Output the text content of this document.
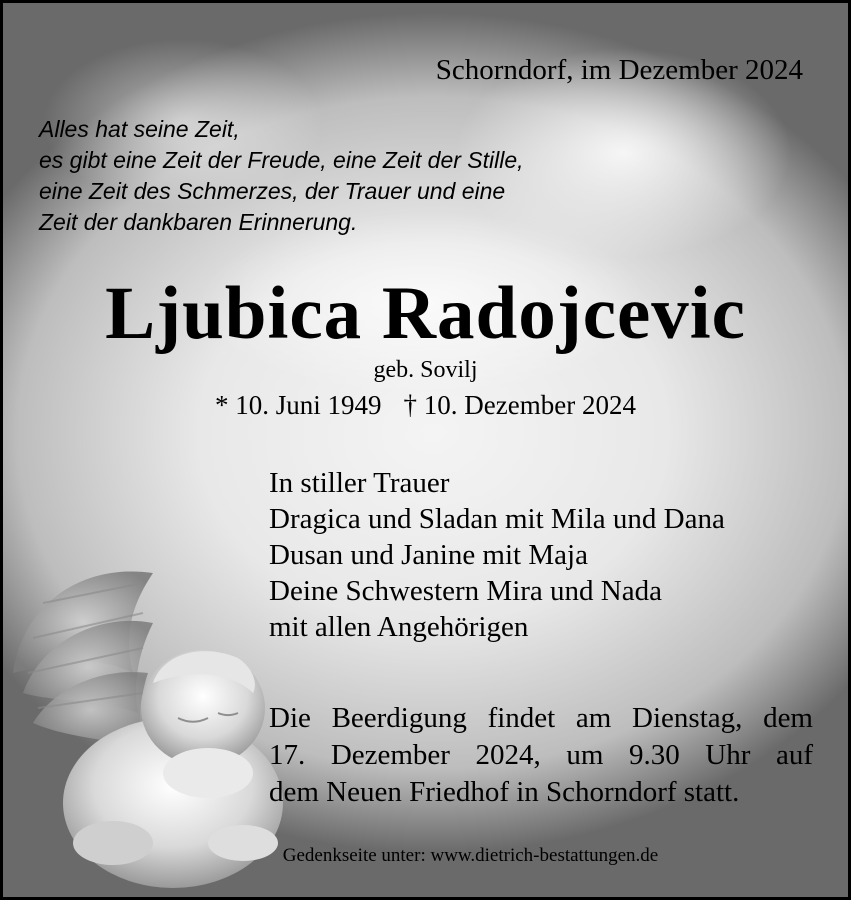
Schorndorf, im Dezember 2024
Alles hat seine Zeit,
es gibt eine Zeit der Freude, eine Zeit der Stille,
eine Zeit des Schmerzes, der Trauer und eine
Zeit der dankbaren Erinnerung.
Ljubica Radojcevic
geb. Sovilj
* 10. Juni 1949 † 10. Dezember 2024
In stiller Trauer
Dragica und Sladan mit Mila und Dana
Dusan und Janine mit Maja
Deine Schwestern Mira und Nada
mit allen Angehörigen
Die Beerdigung findet am Dienstag, dem
17. Dezember 2024, um 9.30 Uhr auf
dem Neuen Friedhof in Schorndorf statt.
Gedenkseite unter: www.dietrich-bestattungen.de
